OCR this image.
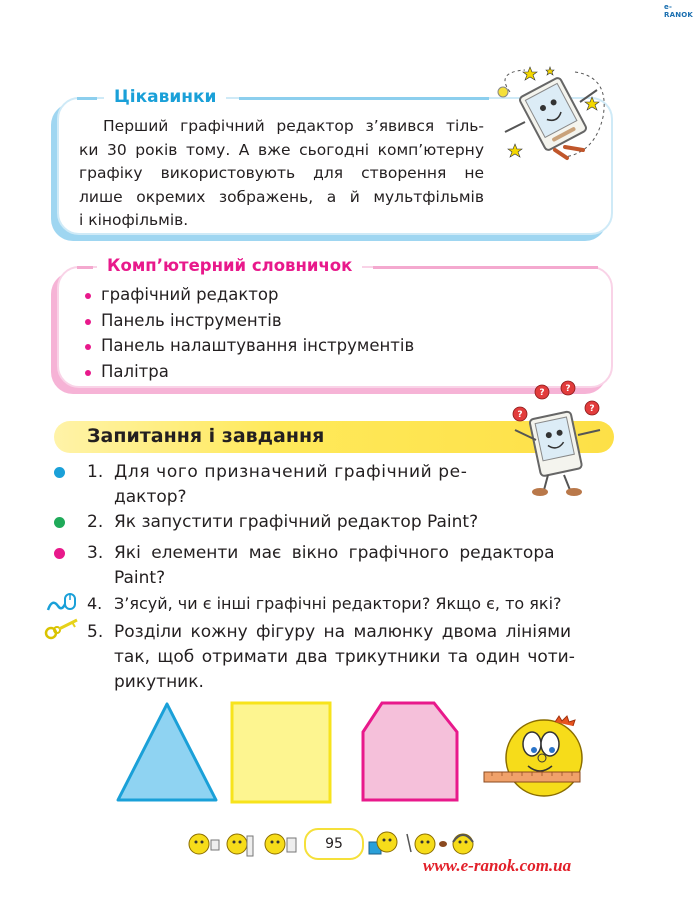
e-RANOK
Цікавинки

Перший графічний редактор з’явився тіль-

ки 30 років тому. А вже сьогодні комп’ютерну
графіку використовують для створення не
лише окремих зображень, а й мультфільмів
і кінофільмів.
Комп’ютерний словничок
графічний редактор
Панель інструментів
Панель налаштування інструментів
Палітра
Запитання і завдання
?
? ?
?
1. Для чого призначений графічний ре-
дактор?
2. Як запустити графічний редактор Paint?
3. Які елементи має вікно графічного редактора
Paint?
4. З’ясуй, чи є інші графічні редактори? Якщо є, то які?
5. Розділи кожну фігуру на малюнку двома лініями
так, щоб отримати два трикутники та один чоти-
рикутник.
95
www.e-ranok.com.ua
